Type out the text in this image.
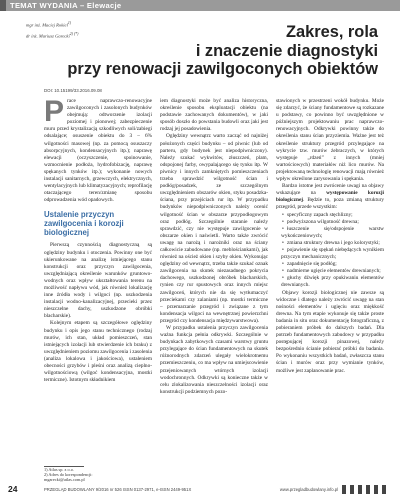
TEMAT WYDANIA – Elewacje
mgr inż. Maciej Rokiel$^{1)}$
dr inż. Mariusz Garecki$^{2) (*)}$	Zakres, rola
i znaczenie diagnostyki
przy renowacji zawilgoconych obiektów
DOI: 10.15199/33.2016.09.08

Prace naprawczo-renowacyjne zawilgoconych i zasolonych budynków obejmują: odtworzenie izolacji poziomej i pionowej; zabezpieczenie muru przed krystalizacją szkodliwych soli/zabiegi odsalające; osuszenie obiektu do 3 – 6% wilgotności masowej (np. za pomocą osuszaczy absorpcyjnych, kondensacyjnych itp.); naprawę elewacji (oczyszczenie, spoinowanie, wzmocnienie podłoża, hydrofobizację, naprawę spękanych tynków itp.); wykonanie nowych instalacji sanitarnych, grzewczych, elektrycznych, wentylacyjnych lub klimatyzacyjnych; reprofilację otaczającego teren/zmianę sposobu odprowadzenia wód opadowych.

Ustalenie przyczyn zawilgocenia i korozji biologicznej

Pierwszą czynnością diagnostyczną są oględziny budynku i otoczenia. Powinny one być ukierunkowane na analizę istniejącego stanu konstrukcji oraz przyczyn zawilgocenia, uwzględniającą określenie warunków gruntowo-wodnych oraz wpływ ukształtowania terenu na możliwość napływu wód, jak również lokalizację inne źródła wody i wilgoci (np. uszkodzenia instalacji wodno-kanalizacyjnej, przecieki przez nieszczelne dachy, uszkodzone obróbki blacharskie).

Kolejnym etapem są szczegółowe oględziny budynku i opis jego stanu technicznego (rodzaj murów, ich stan, układ pomieszczeń, stan istniejących izolacji lub stwierdzenie ich braku) z uwzględnieniem poziomu zawilgocenia i zasolenia (analiza lokalowa i jakościowa), ustaleniem obecności grzybów i pleśni oraz analizą cieplno-wilgotnościową (wilgoć kondensacyjna, mostki termiczne). Istotnym składnikiem

iem diagnostyki może być analiza historyczna, określenie sposobu eksploatacji obiektu (na podstawie zachowanych dokumentów), w jaki sposób doszło do powstania budowli oraz jaki jest rodzaj jej posadowienia.

Oględziny wewnątrz warto zacząć od najniżej położonych części budynku – od piwnic (lub od parteru, gdy budynek jest niepodpiwniczony). Należy szukać wykwitów, złuszczeń, plam, odspojonej farby, owypalającego się tynku itp. W piwnicy i innych zamkniętych pomieszczeniach trzeba sprawdzić wilgotność ścian i podłóg/posadzek, ze szczególnym uwzględnieniem obszarów okien, styku posadzka-ściana, przy przejściach rur itp. W przypadku budynków niepodpiwniczonych należy ocenić wilgotność ścian w obszarze przypodłogowym oraz podłóg. Szczególnie staranie należy sprawdzić, czy nie występuje zawilgocenie w obszarze okien i naświetli. Warto także zwrócić uwagę na narożą i narożniki oraz na ściany całkowicie zabudowane (np. meblościankami), jak również na oścież okien i szyby okien. Wykonując oględziny od wewnątrz, trzeba także szukać oznak zawilgocenia na skutek niezasadnego pokrycia dachowego, uszkodzonej obróbek blacharskich, rynien czy rur spustowych oraz innych miejsc zawilgoceń, których nie da się wytłumaczyć przeciekami czy zalaniami (np. mostki termiczne – przemarzanie przegród i związane z tym kondensacja wilgoci na wewnętrznej powierzchni przegród czy kondensacja międzywarstwowa).

W przypadku ustalenia przyczyn zawilgocenia ważna funkcja pełnia odkrywki. Szczególnie w budynkach zabytkowych czasami warstwy gruntu przylegające do ścian fundamentowych na skutek różnorodnych zdarzeń ulegały wielokrotnemu przemieszczeniu, co ma wpływ na umiejscowienie przejeniowanych wtórnych izolacji wodochronnych. Odkrywki są konieczne także w celu zlokalizowania nieszczelności izolacji oraz konstrukcji podziemnych pozo-

stawionych w przestrzeni wokół budynku. Może się zdarzyć, że ściany fundamentowe są rozkazane u podstawy, co powinno być uwzględnione w późniejszym projektowaniu prac naprawczo-renowacyjnych. Odkrywki powinny także do określenia stanu ścian przyziemia. Ważne jest też określenie struktury przegród przylegające na wykrycie tzw. murów żebraczych, w których występuje „rdzeń” z innych (mniej wartościowych) materiałów niż lico murów. Na projektowaną technologię renowacji mają również wpływ określone zarysowania i spękania.

Bardzo istotne jest zwrócenie uwagi na objawy wskazujące na występowanie korozji biologicznej. Będzie to, poza zmianą struktury przegród, przede wszystkim:

• specyficzny zapach stęchlizny;

• podwyższona wilgotność drewna;

• łuszczenie się/odspojenie warstw wykończeniowych;

• zmiana struktury drewna i jego kolorystyki;

• pojawienie się spękań niebędących wynikiem przyczyn mechanicznych;

• zapadnięcie się podłóg;

• nadmierne ugięcie elementów drewnianych;

• głuchy dźwięk przy opukiwaniu elementów drewnianych.

Objawy korozji biologicznej nie zawsze są widoczne i dlatego należy zwrócić uwagę na stan nośności elementów i ugięciu oraz miękkość drewna. Na tym etapie wykonuje się także proste badania in situ oraz dokumentację fotograficzną, z pobieraniem próbek do dalszych badań. Dla potrzeb fundamentowych zabudowy w przypadku postępującej korozji pinazowej, należy bezpośrednio ścianie pobierać próbki do badania. Po wykonaniu wszystkich badań, zwłaszcza stanu ścian i murów oraz przy wymianie tynków, możliwe jest zaplanowanie prac.

1) Atlas sp. z o.o.
2) Adres do korespondencji:
mgarecki@atlas.com.pl
24	PRZEGLĄD BUDOWLANY 9/2016 nr 526 ISSN 0137-2971, e-ISSN 2449-951X	www.przegladbudowlany.info.pl
